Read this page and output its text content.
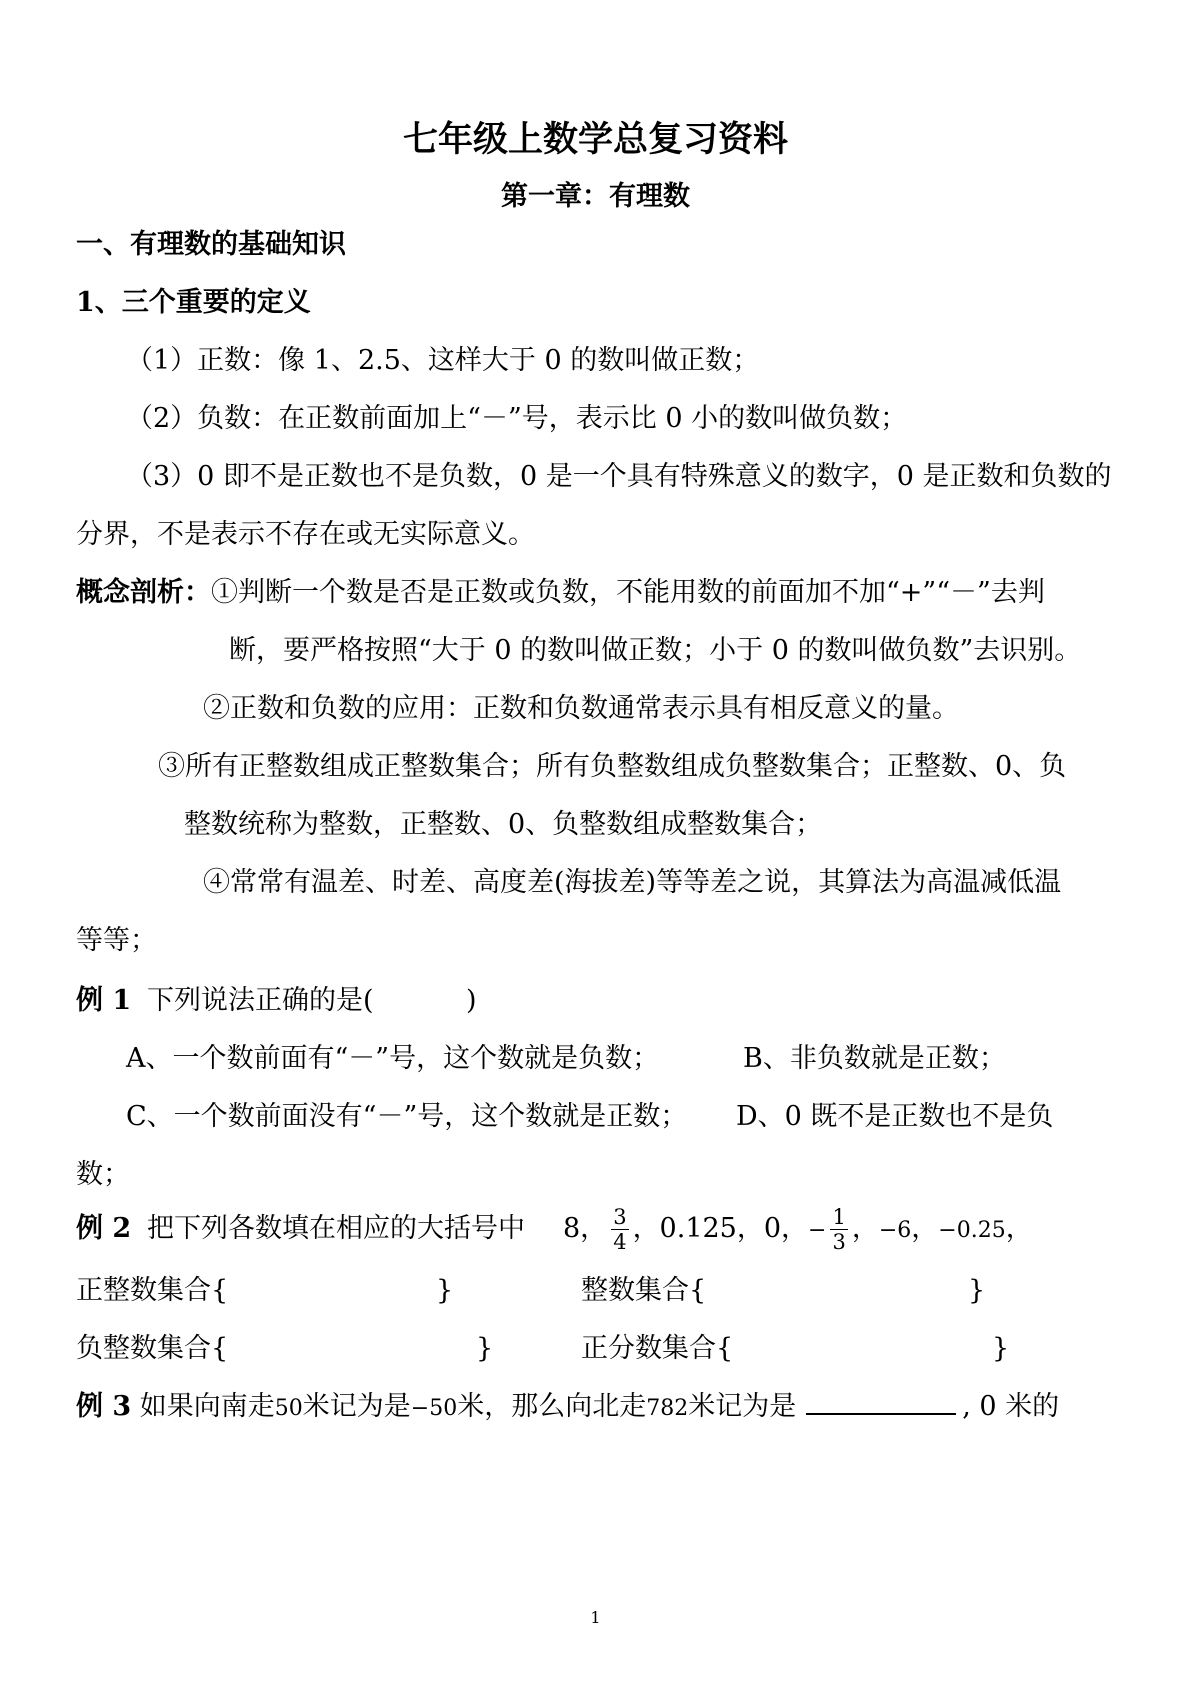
七年级上数学总复习资料
第一章：有理数
一、有理数的基础知识
1、三个重要的定义
（1）正数：像 1、2.5、这样大于 0 的数叫做正数；
（2）负数：在正数前面加上“－”号，表示比 0 小的数叫做负数；
（3）0 即不是正数也不是负数，0 是一个具有特殊意义的数字，0 是正数和负数的
分界，不是表示不存在或无实际意义。
概念剖析：①判断一个数是否是正数或负数，不能用数的前面加不加“+”“－”去判
断，要严格按照“大于 0 的数叫做正数；小于 0 的数叫做负数”去识别。
②正数和负数的应用：正数和负数通常表示具有相反意义的量。
③所有正整数组成正整数集合；所有负整数组成负整数集合；正整数、0、负
整数统称为整数，正整数、0、负整数组成整数集合；
④常常有温差、时差、高度差(海拔差)等等差之说，其算法为高温减低温
等等；
例 1 下列说法正确的是(	)
A、一个数前面有“－”号，这个数就是负数；	B、非负数就是正数；
C、一个数前面没有“－”号，这个数就是正数； D、0 既不是正数也不是负
数；
例 2 把下列各数填在相应的大括号中 8， $\frac{3}{4}$ ，0.125，0，− $\frac{1}{3}$ ，−6，−0.25，
正整数集合{	}	整数集合{	}
负整数集合{	}	正分数集合{	}
例 3 如果向南走50米记为是−50米，那么向北走782米记为是	, 0 米的
1
